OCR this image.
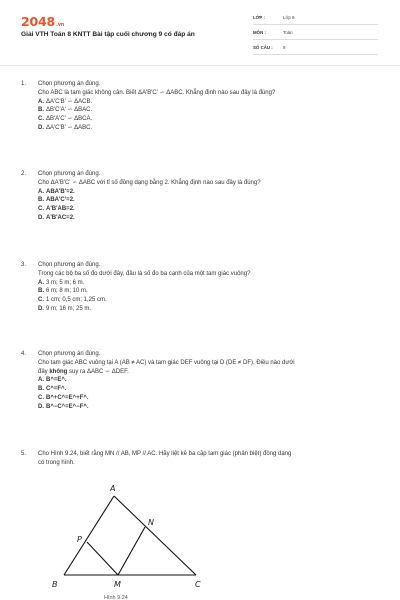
2048.vn
Giải VTH Toán 8 KNTT Bài tập cuối chương 9 có đáp án
LỚP :	Lớp 8
MÔN :	Toán
SỐ CÂU : 9
1. Chọn phương án đúng.
Cho ABC là tam giác không cân. Biết ΔA'B'C' ∽ ΔABC. Khẳng định nào sau đây là đúng?
A. ΔA'C'B' ∽ ΔACB.
B. ΔB'C'A' ∽ ΔBAC.
C. ΔB'A'C' ∽ ΔBCA.
D. ΔA'C'B' ∽ ΔABC.
2. Chọn phương án đúng.
Cho ΔA'B'C' ∽ ΔABC với tỉ số đồng dạng bằng 2. Khẳng định nào sau đây là đúng?
A. ABA'B'=2.
B. ABA'C'=2.
C. A'B'AB=2.
D. A'B'AC=2.
3. Chọn phương án đúng.
Trong các bộ ba số đo dưới đây, đâu là số đo ba cạnh của một tam giác vuông?
A. 3 m; 5 m; 6 m.
B. 6 m; 8 m; 10 m.
C. 1 cm; 0,5 cm; 1,25 cm.
D. 9 m; 16 m; 25 m.
4. Chọn phương án đúng.
Cho tam giác ABC vuông tại A (AB ≠ AC) và tam giác DEF vuông tại D (DE ≠ DF). Điều nào dưới
đây không suy ra ΔABC ∽ ΔDEF.
A. B^=E^.
B. C^=F^.
C. B^+C^=E^+F^.
D. B^−C^=E^−F^.
5. Cho Hình 9.24, biết rằng MN // AB, MP // AC. Hãy liệt kê ba cặp tam giác (phân biệt) đồng dạng
có trong hình.
A
N
P
B	M	C
Hình 9.24
